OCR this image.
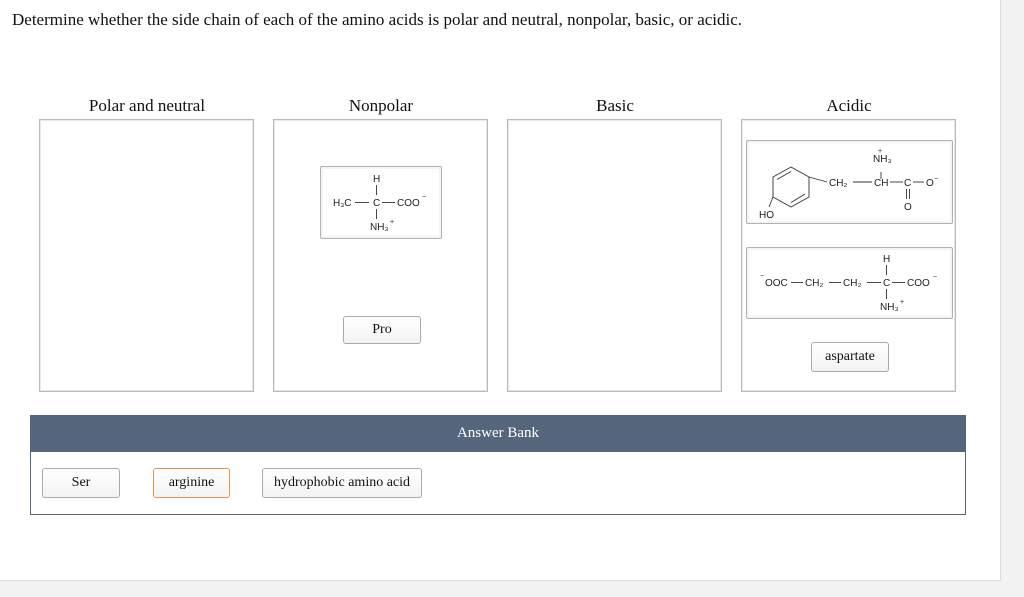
Determine whether the side chain of each of the amino acids is polar and neutral, nonpolar, basic, or acidic.
Polar and neutral	Nonpolar	Basic	Acidic
H
H₃C C COO
−
NH₃ +
Pro
HO
CH₂	CH
NH₃
+
C O −
O
−
OOC CH₂ CH₂
H
C COO
−
NH₃ +
aspartate
Answer Bank
Ser	arginine	hydrophobic amino acid
